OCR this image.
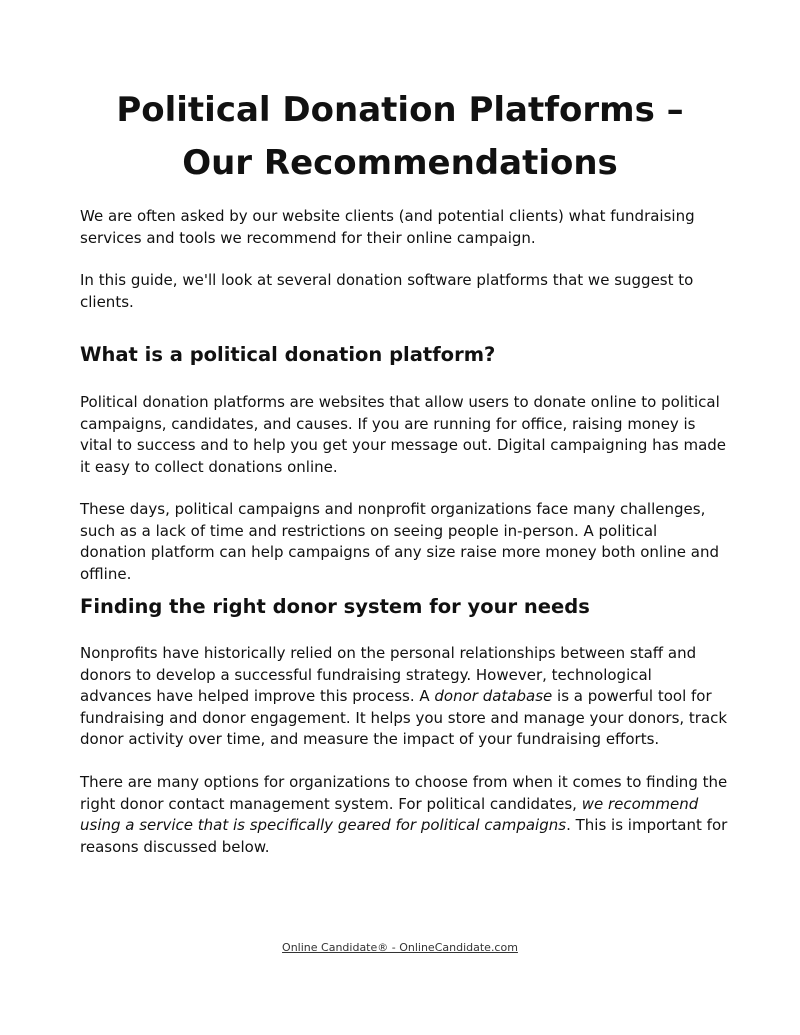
Political Donation Platforms –
Our Recommendations

We are often asked by our website clients (and potential clients) what fundraising services and tools we recommend for their online campaign.

In this guide, we'll look at several donation software platforms that we suggest to clients.

What is a political donation platform?

Political donation platforms are websites that allow users to donate online to political campaigns, candidates, and causes. If you are running for office, raising money is vital to success and to help you get your message out. Digital campaigning has made it easy to collect donations online.

These days, political campaigns and nonprofit organizations face many challenges, such as a lack of time and restrictions on seeing people in-person. A political donation platform can help campaigns of any size raise more money both online and offline.

Finding the right donor system for your needs

Nonprofits have historically relied on the personal relationships between staff and donors to develop a successful fundraising strategy. However, technological advances have helped improve this process. A donor database is a powerful tool for fundraising and donor engagement. It helps you store and manage your donors, track donor activity over time, and measure the impact of your fundraising efforts.

There are many options for organizations to choose from when it comes to finding the right donor contact management system. For political candidates, we recommend using a service that is specifically geared for political campaigns. This is important for reasons discussed below.

Online Candidate® - OnlineCandidate.com
